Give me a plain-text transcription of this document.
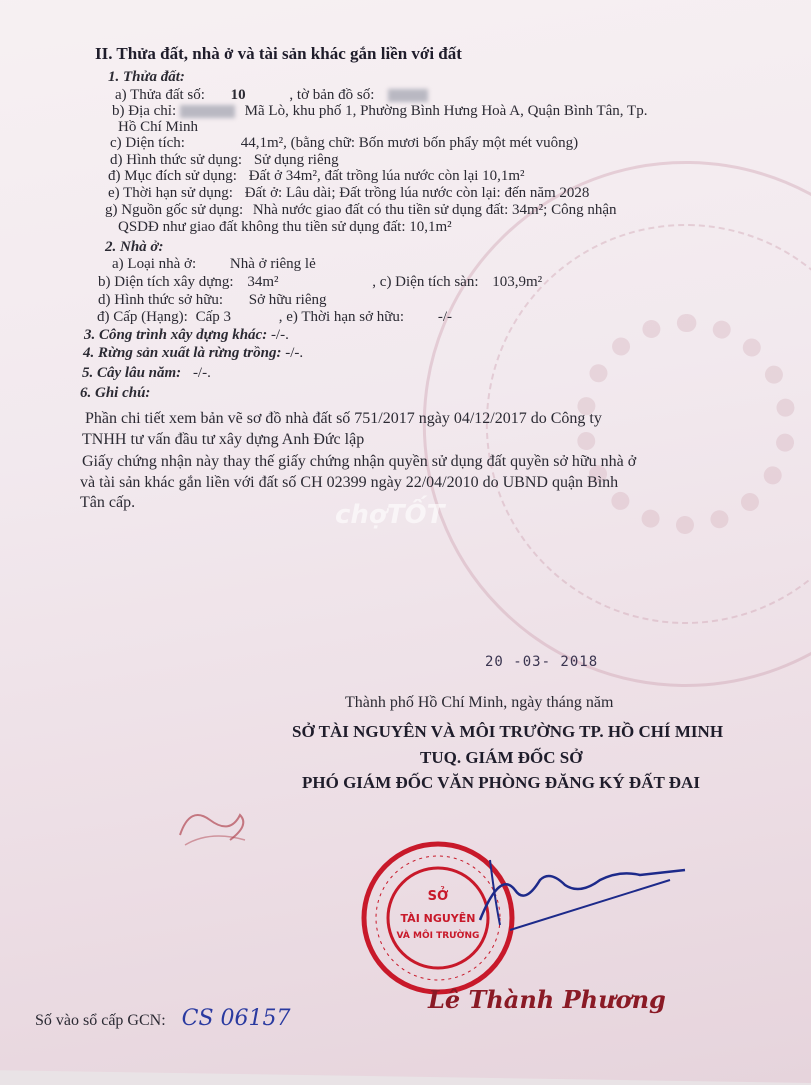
II. Thửa đất, nhà ở và tài sản khác gắn liền với đất
1. Thửa đất:
a) Thửa đất số: 10	, tờ bản đồ số:
b) Địa chỉ:	Mã Lò, khu phố 1, Phường Bình Hưng Hoà A, Quận Bình Tân, Tp.
Hồ Chí Minh
c) Diện tích:	44,1m², (bằng chữ: Bốn mươi bốn phẩy một mét vuông)
d) Hình thức sử dụng: Sử dụng riêng
đ) Mục đích sử dụng: Đất ở 34m², đất trồng lúa nước còn lại 10,1m²
e) Thời hạn sử dụng: Đất ở: Lâu dài; Đất trồng lúa nước còn lại: đến năm 2028
g) Nguồn gốc sử dụng: Nhà nước giao đất có thu tiền sử dụng đất: 34m²; Công nhận
QSDĐ như giao đất không thu tiền sử dụng đất: 10,1m²
2. Nhà ở:
a) Loại nhà ở: Nhà ở riêng lẻ
b) Diện tích xây dựng: 34m²	, c) Diện tích sàn: 103,9m²
d) Hình thức sở hữu: Sở hữu riêng
đ) Cấp (Hạng): Cấp 3	, e) Thời hạn sở hữu: -/-
3. Công trình xây dựng khác: -/-.
4. Rừng sản xuất là rừng trồng: -/-.
5. Cây lâu năm: -/-.
6. Ghi chú:
Phần chi tiết xem bản vẽ sơ đồ nhà đất số 751/2017 ngày 04/12/2017 do Công ty
TNHH tư vấn đầu tư xây dựng Anh Đức lập
Giấy chứng nhận này thay thế giấy chứng nhận quyền sử dụng đất quyền sở hữu nhà ở
và tài sản khác gắn liền với đất số CH 02399 ngày 22/04/2010 do UBND quận Bình
Tân cấp.	chợTỐT
20 -03- 2018
Thành phố Hồ Chí Minh, ngày tháng năm
SỞ TÀI NGUYÊN VÀ MÔI TRƯỜNG TP. HỒ CHÍ MINH
TUQ. GIÁM ĐỐC SỞ
PHÓ GIÁM ĐỐC VĂN PHÒNG ĐĂNG KÝ ĐẤT ĐAI
SỞ
TÀI NGUYÊN
VÀ MÔI TRƯỜNG
Lê Thành Phương
Số vào sổ cấp GCN: CS 06157
